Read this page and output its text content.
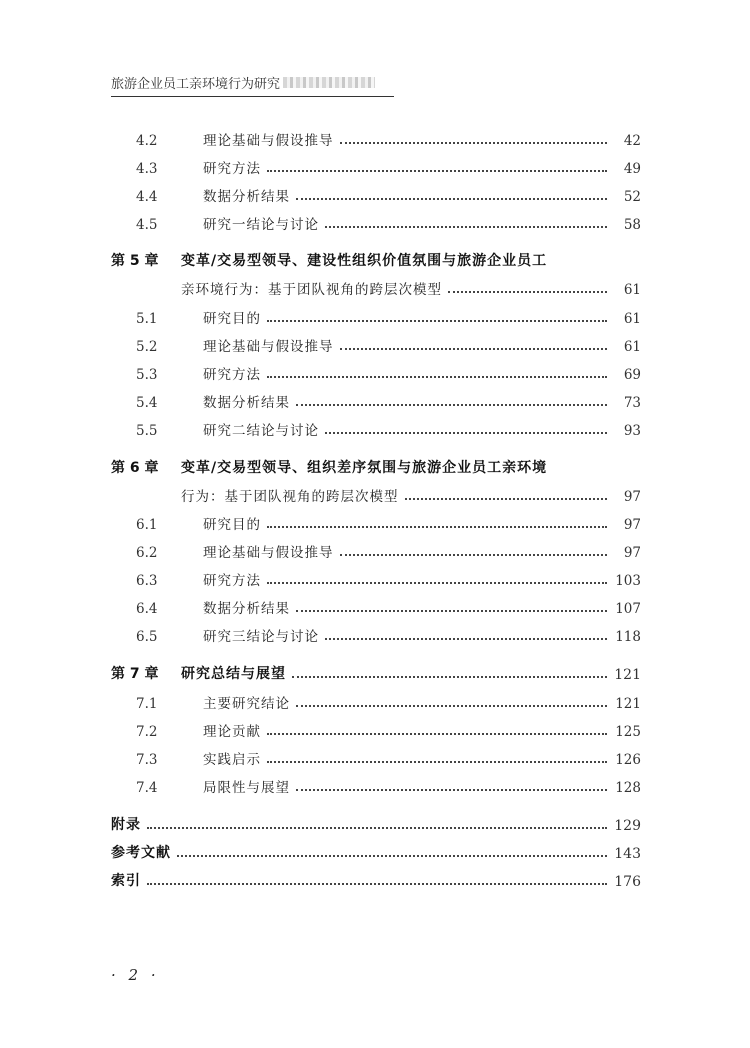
旅游企业员工亲环境行为研究
4.2	理论基础与假设推导	42
4.3	研究方法	49
4.4	数据分析结果	52
4.5	研究一结论与讨论	58
第 5 章	变革/交易型领导、建设性组织价值氛围与旅游企业员工
亲环境行为：基于团队视角的跨层次模型	61
5.1	研究目的	61
5.2	理论基础与假设推导	61
5.3	研究方法	69
5.4	数据分析结果	73
5.5	研究二结论与讨论	93
第 6 章	变革/交易型领导、组织差序氛围与旅游企业员工亲环境
行为：基于团队视角的跨层次模型	97
6.1	研究目的	97
6.2	理论基础与假设推导	97
6.3	研究方法	103
6.4	数据分析结果	107
6.5	研究三结论与讨论	118
第 7 章	研究总结与展望	121
7.1	主要研究结论	121
7.2	理论贡献	125
7.3	实践启示	126
7.4	局限性与展望	128
附录	129
参考文献	143
索引	176
· 2 ·
